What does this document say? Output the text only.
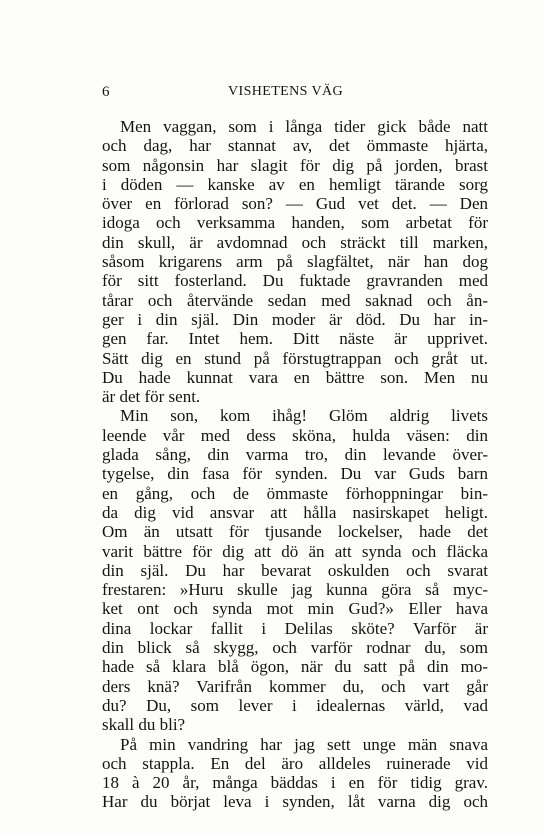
6	VISHETENS VÄG
Men vaggan, som i långa tider gick både natt
och dag, har stannat av, det ömmaste hjärta,
som någonsin har slagit för dig på jorden, brast
i döden — kanske av en hemligt tärande sorg
över en förlorad son? — Gud vet det. — Den
idoga och verksamma handen, som arbetat för
din skull, är avdomnad och sträckt till marken,
såsom krigarens arm på slagfältet, när han dog
för sitt fosterland. Du fuktade gravranden med
tårar och återvände sedan med saknad och ån-
ger i din själ. Din moder är död. Du har in-
gen far. Intet hem. Ditt näste är upprivet.
Sätt dig en stund på förstugtrappan och gråt ut.
Du hade kunnat vara en bättre son. Men nu
är det för sent.
Min son, kom ihåg! Glöm aldrig livets
leende vår med dess sköna, hulda väsen: din
glada sång, din varma tro, din levande över-
tygelse, din fasa för synden. Du var Guds barn
en gång, och de ömmaste förhoppningar bin-
da dig vid ansvar att hålla nasirskapet heligt.
Om än utsatt för tjusande lockelser, hade det
varit bättre för dig att dö än att synda och fläcka
din själ. Du har bevarat oskulden och svarat
frestaren: »Huru skulle jag kunna göra så myc-
ket ont och synda mot min Gud?» Eller hava
dina lockar fallit i Delilas sköte? Varför är
din blick så skygg, och varför rodnar du, som
hade så klara blå ögon, när du satt på din mo-
ders knä? Varifrån kommer du, och vart går
du? Du, som lever i idealernas värld, vad
skall du bli?
På min vandring har jag sett unge män snava
och stappla. En del äro alldeles ruinerade vid
18 à 20 år, många bäddas i en för tidig grav.
Har du börjat leva i synden, låt varna dig och
